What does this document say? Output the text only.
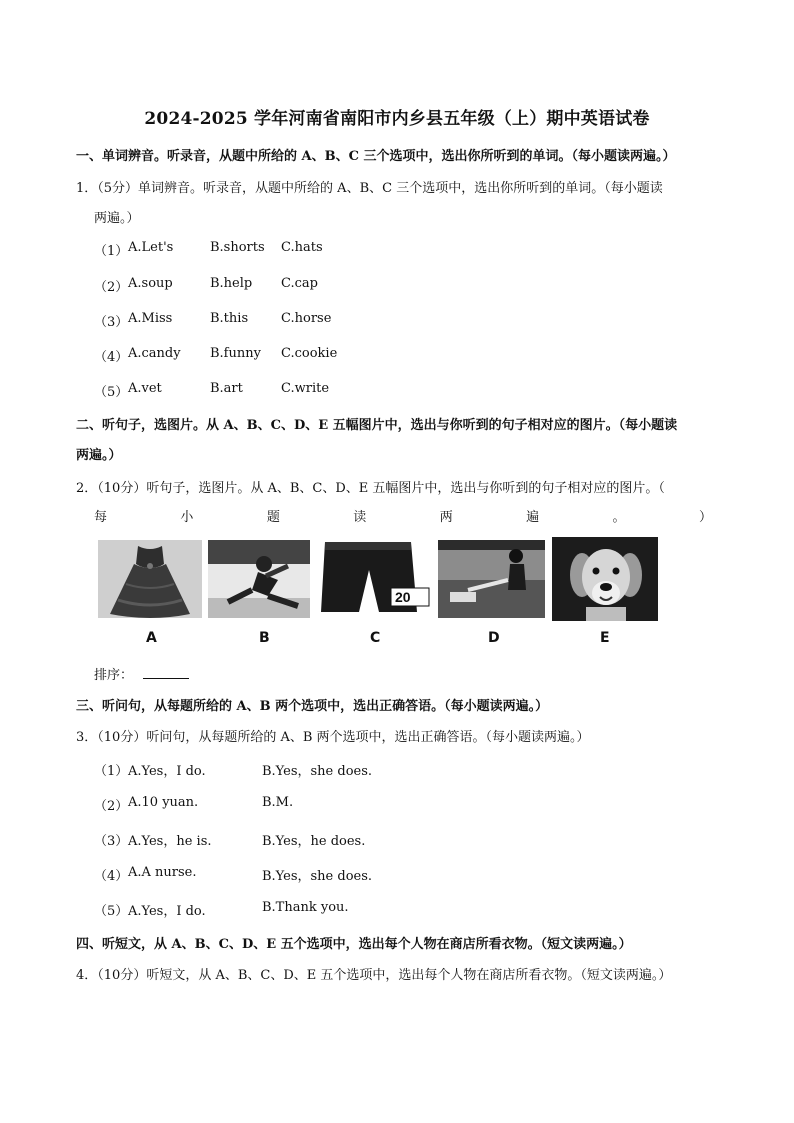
2024-2025 学年河南省南阳市内乡县五年级（上）期中英语试卷
一、单词辨音。听录音，从题中所给的 A、B、C 三个选项中，选出你所听到的单词。（每小题读两遍。）
1．（5分）单词辨音。听录音，从题中所给的 A、B、C 三个选项中，选出你所听到的单词。（每小题读
两遍。）
（1） A.Let's	B.shorts C.hats
（2） A.soup	B.help C.cap
（3） A.Miss	B.this	C.horse
（4） A.candy B.funny C.cookie
（5） A.vet	B.art	C.write
二、听句子，选图片。从 A、B、C、D、E 五幅图片中，选出与你听到的句子相对应的图片。（每小题读
两遍。）
2．（10分）听句子，选图片。从 A、B、C、D、E 五幅图片中，选出与你听到的句子相对应的图片。（
每	小	题	读	两	遍	。	）
20
A	B	C	D	E
排序：
三、听问句，从每题所给的 A、B 两个选项中，选出正确答语。（每小题读两遍。）
3．（10分）听问句，从每题所给的 A、B 两个选项中，选出正确答语。（每小题读两遍。）
（1） A.Yes，I do.	B.Yes，she does.
（2） A.10 yuan.	B.M.
（3） A.Yes，he is.	B.Yes，he does.
（4） A.A nurse.	B.Yes，she does.
（5） A.Yes，I do.	B.Thank you.
四、听短文，从 A、B、C、D、E 五个选项中，选出每个人物在商店所看衣物。（短文读两遍。）
4．（10分）听短文，从 A、B、C、D、E 五个选项中，选出每个人物在商店所看衣物。（短文读两遍。）
